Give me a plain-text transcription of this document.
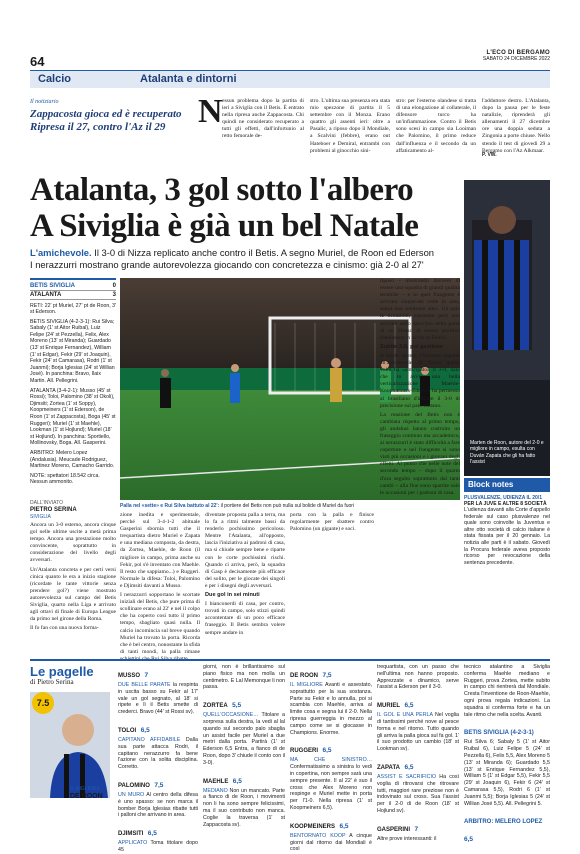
64
L'ECO DI BERGAMO
SABATO 24 DICEMBRE 2022
Calcio	Atalanta e dintorni
Il notiziario
Zappacosta gioca ed è recuperato Ripresa il 27, contro l'Az il 29 N essun problema dopo la partita di ieri a Siviglia con il Betis. È entrato nella ripresa anche Zappacosta. Chi quindi ne considerato recuperato a tutti gli effetti, dall'infortunio al retto femorale de-
stro. L'ultima sua presenza era stata mio spezzone di partita il 5 settembre con il Monza. Erano quattro gli assenti ieri: oltre a Pasalic, a riposo dopo il Mondiale, a Scalvini (febbre), erano out Hateboer e Demiral, entrambi con problemi al ginocchio sini-
stro: per l'esterno olandese si tratta di una elongazione al collaterale, il difensore turco ha un'infiammazione. Contro il Betis sono scesi in campo sia Looiman che Palomino, il primo reduce dall'influenza e il secondo da un affaticamento al-
l'adduttore destro. L'Atalanta, dopo la pausa per le feste natalizie, riprenderà gli allenamenti il 27 dicembre ore una doppia seduta a Zingonia a porte chiuse. Nello stendo il test di giovedì 29 a Bergamo con l'Az Alkmaar.
P. VW.
Atalanta, 3 gol sotto l'albero
A Siviglia è già un bel Natale
L'amichevole. Il 3-0 di Nizza replicato anche contro il Betis. A segno Muriel, de Roon ed Ederson
I nerazzurri mostrano grande autorevolezza giocando con concretezza e cinismo: già 2-0 al 27'
BETIS SIVIGLIA	0
ATALANTA	3

RETI: 22' pt Muriel, 27' pt de Roon, 3' st Ederson.

BETIS SIVIGLIA (4-2-3-1): Rui Silva; Sabaly (1' st Aitor Ruibal), Luiz Felipe (24' st Pezzella), Felix, Alex Moreno (13' st Miranda); Guardado (13' st Enrique Fernandez), William (1' st Edgar), Fekir (29' st Joaquin), Fekir (24' st Camarasa), Rodri (1' st Juanmi); Borja Iglesias (24' st Willian José). In panchina: Bravo, Ilaix Martin. All. Pellegrini.

ATALANTA (3-4-2-1): Musso (45' st Rossi); Toloi, Palomino (38' st Okoli), Djimsiti; Zortea (1' st Soppy), Koopmeiners (1' st Ederson), de Roon (1' st Zappacosta), Boga (45' st Ruggeri); Muriel (1' st Maehle), Lookman (1' st Hojlund); Muriel (18' st Hojlund). In panchina: Sportiello, Mollinovsky, Boga. All. Gasperini.

ARBITRO: Melero Lopez (Andalusia). Meucade Rodriguez, Martinez Moreno, Camacho Garrido.

NOTE: spettatori 18.542 circa. Nessun ammonito.

Palla nel «sette» e Rui Silva battuto al 22': il portiere del Betis non può nulla sul bolide di Muriel da fuori
Marten de Roon, autore del 2-0 e migliore in campo, esulta con Duván Zapata che gli ha fatto l'assist
DALL'INVIATO
PIETRO SERINA
SIVIGLIA

Ancora un 3-0 esterno, ancora cinque gol nelle ultime uscite a metà prima tempo. Ancora una prestazione molto convincente, soprattutto in considerazione del livello degli avversari.

Un'Atalanta concreta e per certi versi cinica quanto le era a inizio stagione (ricordate le tante vittorie senza prendere gol?) viene mostrato autorevolezza sul campo del Betis Siviglia, quarto nella Liga e arrivato agli ottavi di finale di Europa League da primo nel girone della Roma.

Il fo fan con una nuova forma-

zione inedita e sperimentale, perché sul 3-4-1-2 abituale Gasperini sbornia tutti che il trequartista dietro Muriel e Zapata e una mediana composta, da destra, da Zortea, Maehle, de Roon (il migliore in campo, prima anche su Fekir, poi s'è inventato con Maehle. Il resto che sappiamo...) e Ruggeri. Normale la difesa: Toloi, Palomino e Djimsiti davanti a Musso.

I nerazzurri sopportano le scortate iniziali del Betis, che pure prima di scollinare erano al 22' e nel il colpo che ha coperto così tutto il primo tempo, sbagliato quasi nulla. Il calcio incomincia sul breve quando Muriel ha trovato la porta. Ricorda che è bel centro, nonostante la sfida di tanti mondi, la palla rimane

diventate proposta palla a terra, ma lo fa a ritmi talmente bassi da renderlo pochissimo pericoloso. Mentre l'Atalanta, all'opposto, lascia l'iniziativa ai padroni di casa, ma si chiude sempre bene e riparte con le corte pochissimi rischi. Quando ci arriva, però, la squadra di Gasp è decisamente più efficace del solito, per le giocate dei singoli e per i disegni degli avversari.

Due gol in sei minuti

I bianconerdi di casa, per contro, trovati in campo, solo stizzi quindi accontentare di un poco efficace fraseggio. Il Betis sembra volere sempre andare in

porta con la palla e finisce regolarmente per sbattere contro Palomino (un gigante) e soci.

riposo – mostrando davvero di essere una squadra di grandi qualità tecniche – e in quel frangente è arrivato cinque-sei volte in area, senza mai sembrare altro. Un paio le occasioni, entrambe però non arrivate nello specchio della porta di un Musso di nuovo positivo (benissimo in avvio su Fekir).

Subito 3-0, poi gestione

A inizio ripresa l'Atalanta rispetto all'amichevole di Nizza quella volta ha «anticipato» il 3-0, dato che in avvio una bella verticalizzazione Maehle-Koopmeiners-Ederson ha permesso al brasiliano d'infilare il 3-0 di precisione sul palo lontano.

La reazione del Betis non è cambiata rispetto al primo tempo, gli andalusi hanno costruito un fraseggio continuo ma accademico, ai nerazzurri è stato difficoltà a fare coperture e nel frangente si sono visti più occasioni e i giovani degli effetti. Al punto che nelle note del secondo tempo – dopo il quarto d'ora seguito soprattutto dai tanti cambi – alla fine sono spartite solo le occasioni per i padroni di casa.

Block notes
PLUSVALENZE, UDIENZA IL 20/1
PER LA JUVE E ALTRE 8 SOCIETÀ

L'udienza davanti alla Corte d'appello federale sul caso plusvalenze nel quale sono coinvolte la Juventus e altre otto società di calcio italiane è stata fissata per il 20 gennaio. La notizia alle parti è il sabato. Giovedì la Procura federale aveva proposto ricorso per revocazione della sentenza precedente.

Le pagelle
di Pietro Serina
7.5
IL MIGLIORE
DE ROON
MUSSO 7
DUE BELLE PARATE la respinta in uscita basso su Fekir al 17' vale un gol segnato, al 18' si ripete e lì il Betis smette di crederci. Bravo (44' st Rossi sv).
TOLOI 6,5
CAPITANO AFFIDABILE Dalla sua parte attacca Rodri, il capitano nerazzurro fa bene l'azione con la solita disciplina. Corretto.
PALOMINO 7,5
UN MURO Al centro della difesa è uno spasso: se non marca il bomber Borja Iglesias ribatte tutti i palloni che arrivano in area.
DJIMSITI 6,5
APPLICATO Toma titolare dopo 45
giorni, non è brillantissimo sul piano fisico ma non molla un centimetro. E Lal Memonque li non passa.
ZORTEA 5,5
QUELL'OCCASIONE… Titolare a sorpresa sulla destra, la vedi al lal quando sul secondo palo sbaglia un assist facile per Muriel a due metri dalla porta. Partirà (1' st Ederson 6,5 Entra, a fianco di de Roon, dopo 3' chiude il conto con il 3-0).
MAEHLE 6,5
MEDIANO Non un mancato. Parte a fianco di de Roon, i movimenti non li ha sono sempre felicissimi, ma il suo contributo non manca. Coglie la traversa (1' st Zappacosta sv).
DE ROON 7,5
IL MIGLIORE Avanti e assestato, soprattutto per la sua sostanza. Parte su Fekir e lo annulla, poi si scambia con Maehle, arriva al limite cosa e segna lui il 2-0. Nella ripresa guerreggia in mezzo al campo come se si giocasse in Champions. Enorme.
RUGGERI 6,5
MA CHE SINISTRO… Confermatissimo a sinistra lo vedi in copertina, non sempre sarà una sempre presente. Il al 22' è suo il cross che Alex Moreno non respinge e Muriel mette in porta per l'1-0. Nella ripresa (1' st Koopmeiners 6,5).
KOOPMEINERS 6,5
BENTORNATO KOOP A cinque giorni dal ritorno dai Mondiali è così
trequartista, con un passo che nell'ultima non hanno proposto. Apprezzate e dinamico, serve l'assist a Ederson per il 3-0.
MURIEL 6,5
IL GOL E UNA PERLA Nel voglia di tantissimi perché nove al pesce forma e nel ritorno. Tutto quando gli arriva la palla gioca sul fa gol. 1' il suo prodotto un cambio (18' st Lookman sv).
ZAPATA 6,5
ASSIST E SACRIFICIO Ha così voglia di ritrovarsi che ritrovare tutti, maggiori rare preziose non è indovinato sul cross. Sua l'assist per il 2-0 di de Roon (18' st Hojlund sv).
GASPERINI 7
Altre prove interessanti: il
tecnico atalantino a Siviglia conferma Maehle mediano e Ruggeri, prova Zortea, mette subito in campo chi rientrerà dal Mondiale. Cresta l'inventione de Roon-Maehle, ogni prova regala indicazioni. La squadra si conferma forte e ha un tale ritmo che nella scelta. Avanti.
BETIS SIVIGLIA (4-2-3-1)
Rui Silva 6; Sabaly 5 (1' st Aitor Ruibal 6), Luiz Felipe 5 (24' st Pezzella 6), Felix 5,5, Alex Moreno 5 (13' st Miranda 6); Guardado 5,5 (13' st Enrique Fernandez 5,5), William 5 (1' st Edgar 5,5), Fekir 5,5 (29' st Joaquin 6), Fekir 6 (24' st Camarasa 5,5), Rodri 6 (1' st Juanmi 5,5); Borja Iglesias 5 (24' st Willian José 5,5). All. Pellegrini 5.
ARBITRO: MELERO LOPEZ 6,5
